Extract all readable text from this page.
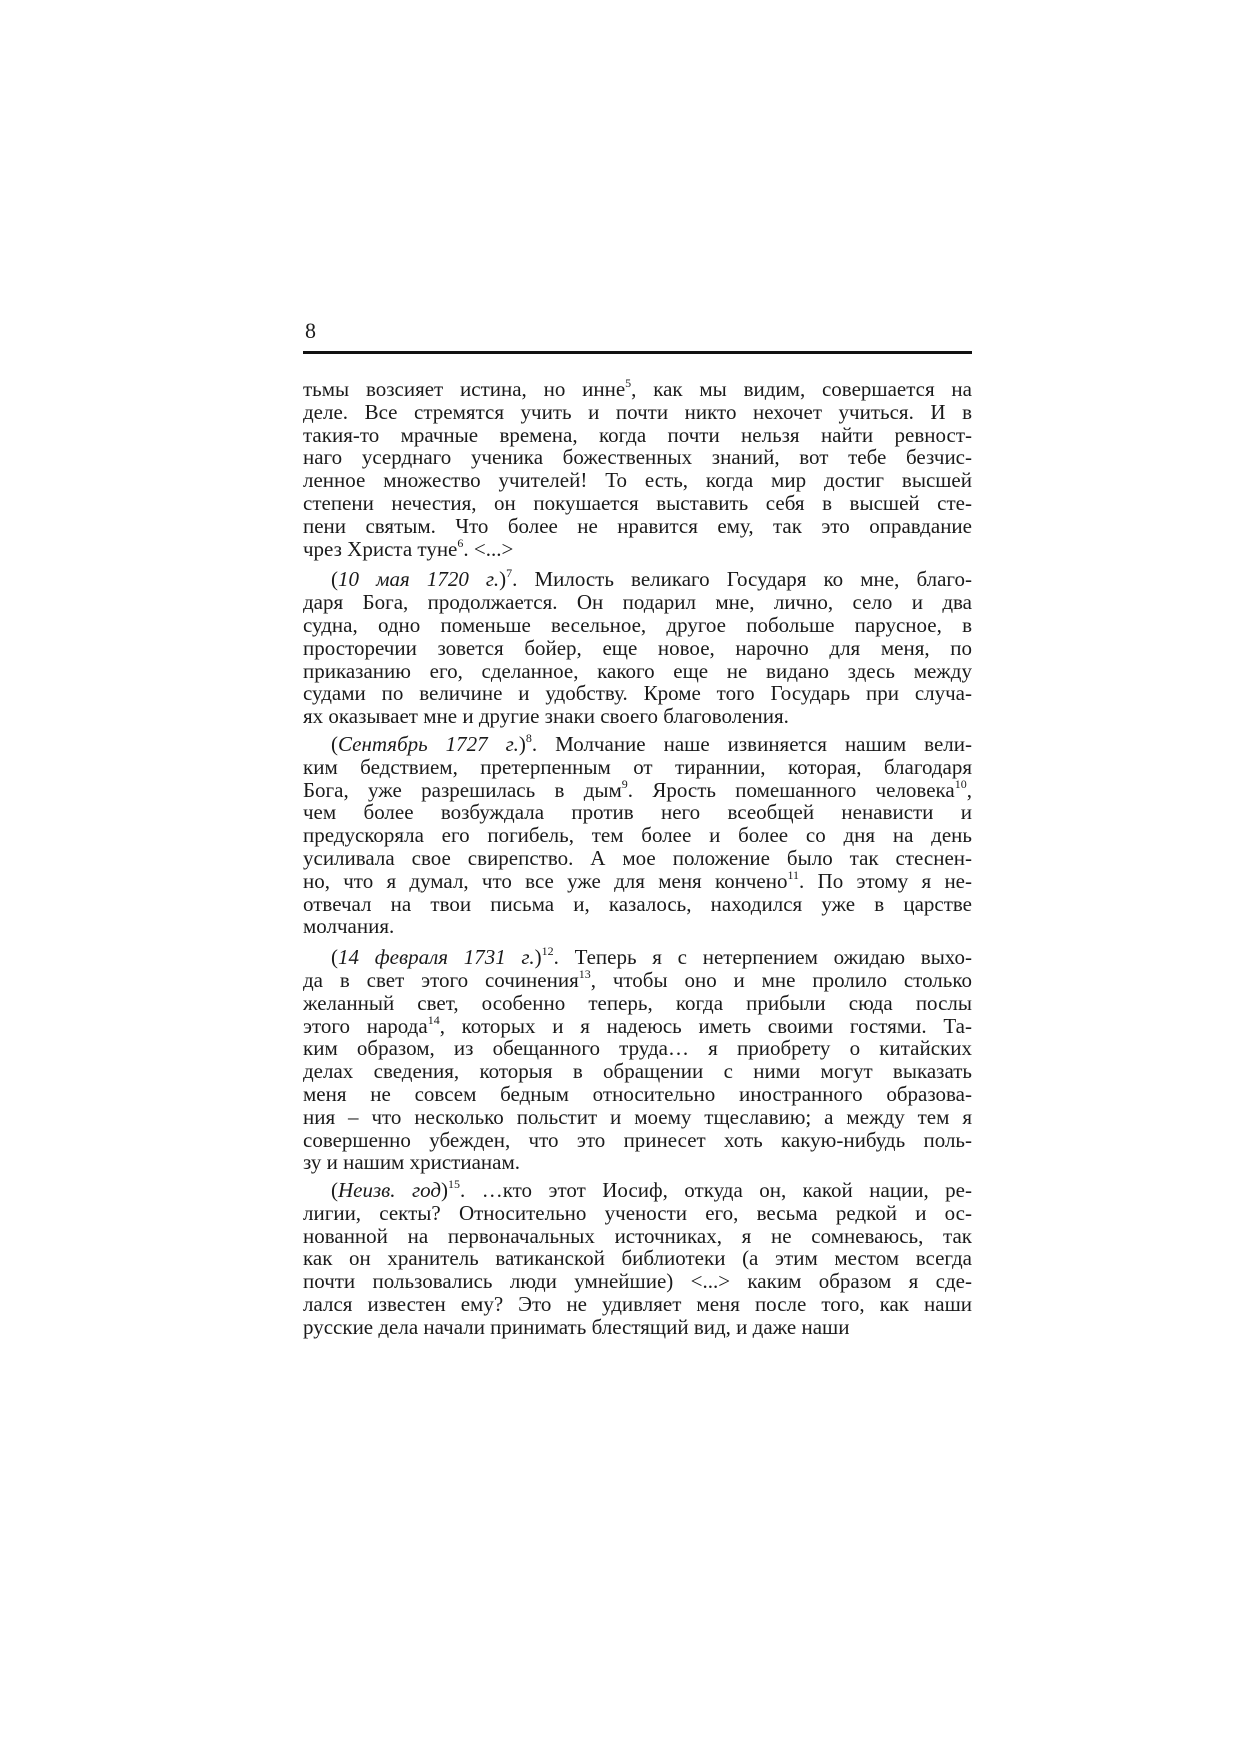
8
тьмы возсияет истина, но инне$^5$, как мы видим, совершается на
деле. Все стремятся учить и почти никто нехочет учиться. И в
такия-то мрачные времена, когда почти нельзя найти ревност-
наго усерднаго ученика божественных знаний, вот тебе безчис-
ленное множество учителей! То есть, когда мир достиг высшей
степени нечестия, он покушается выставить себя в высшей сте-
пени святым. Что более не нравится ему, так это оправдание
чрез Христа туне$^6$. <...>
(10 мая 1720 г.)$^7$. Милость великаго Государя ко мне, благо-
даря Бога, продолжается. Он подарил мне, лично, село и два
судна, одно поменьше весельное, другое побольше парусное, в
просторечии зовется бойер, еще новое, нарочно для меня, по
приказанию его, сделанное, какого еще не видано здесь между
судами по величине и удобству. Кроме того Государь при случа-
ях оказывает мне и другие знаки своего благоволения.
(Сентябрь 1727 г.)$^8$. Молчание наше извиняется нашим вели-
ким бедствием, претерпенным от тираннии, которая, благодаря
Бога, уже разрешилась в дым$^9$. Ярость помешанного человека$^{10}$,
чем более возбуждала против него всеобщей ненависти и
предускоряла его погибель, тем более и более со дня на день
усиливала свое свирепство. А мое положение было так стеснен-
но, что я думал, что все уже для меня кончено$^{11}$. По этому я не-
отвечал на твои письма и, казалось, находился уже в царстве
молчания.
(14 февраля 1731 г.)$^{12}$. Теперь я с нетерпением ожидаю выхо-
да в свет этого сочинения$^{13}$, чтобы оно и мне пролило столько
желанный свет, особенно теперь, когда прибыли сюда послы
этого народа$^{14}$, которых и я надеюсь иметь своими гостями. Та-
ким образом, из обещанного труда… я приобрету о китайских
делах сведения, которыя в обращении с ними могут выказать
меня не совсем бедным относительно иностранного образова-
ния – что несколько польстит и моему тщеславию; а между тем я
совершенно убежден, что это принесет хоть какую-нибудь поль-
зу и нашим христианам.
(Неизв. год)$^{15}$. …кто этот Иосиф, откуда он, какой нации, ре-
лигии, секты? Относительно учености его, весьма редкой и ос-
нованной на первоначальных источниках, я не сомневаюсь, так
как он хранитель ватиканской библиотеки (а этим местом всегда
почти пользовались люди умнейшие) <...> каким образом я сде-
лался известен ему? Это не удивляет меня после того, как наши
русские дела начали принимать блестящий вид, и даже наши
